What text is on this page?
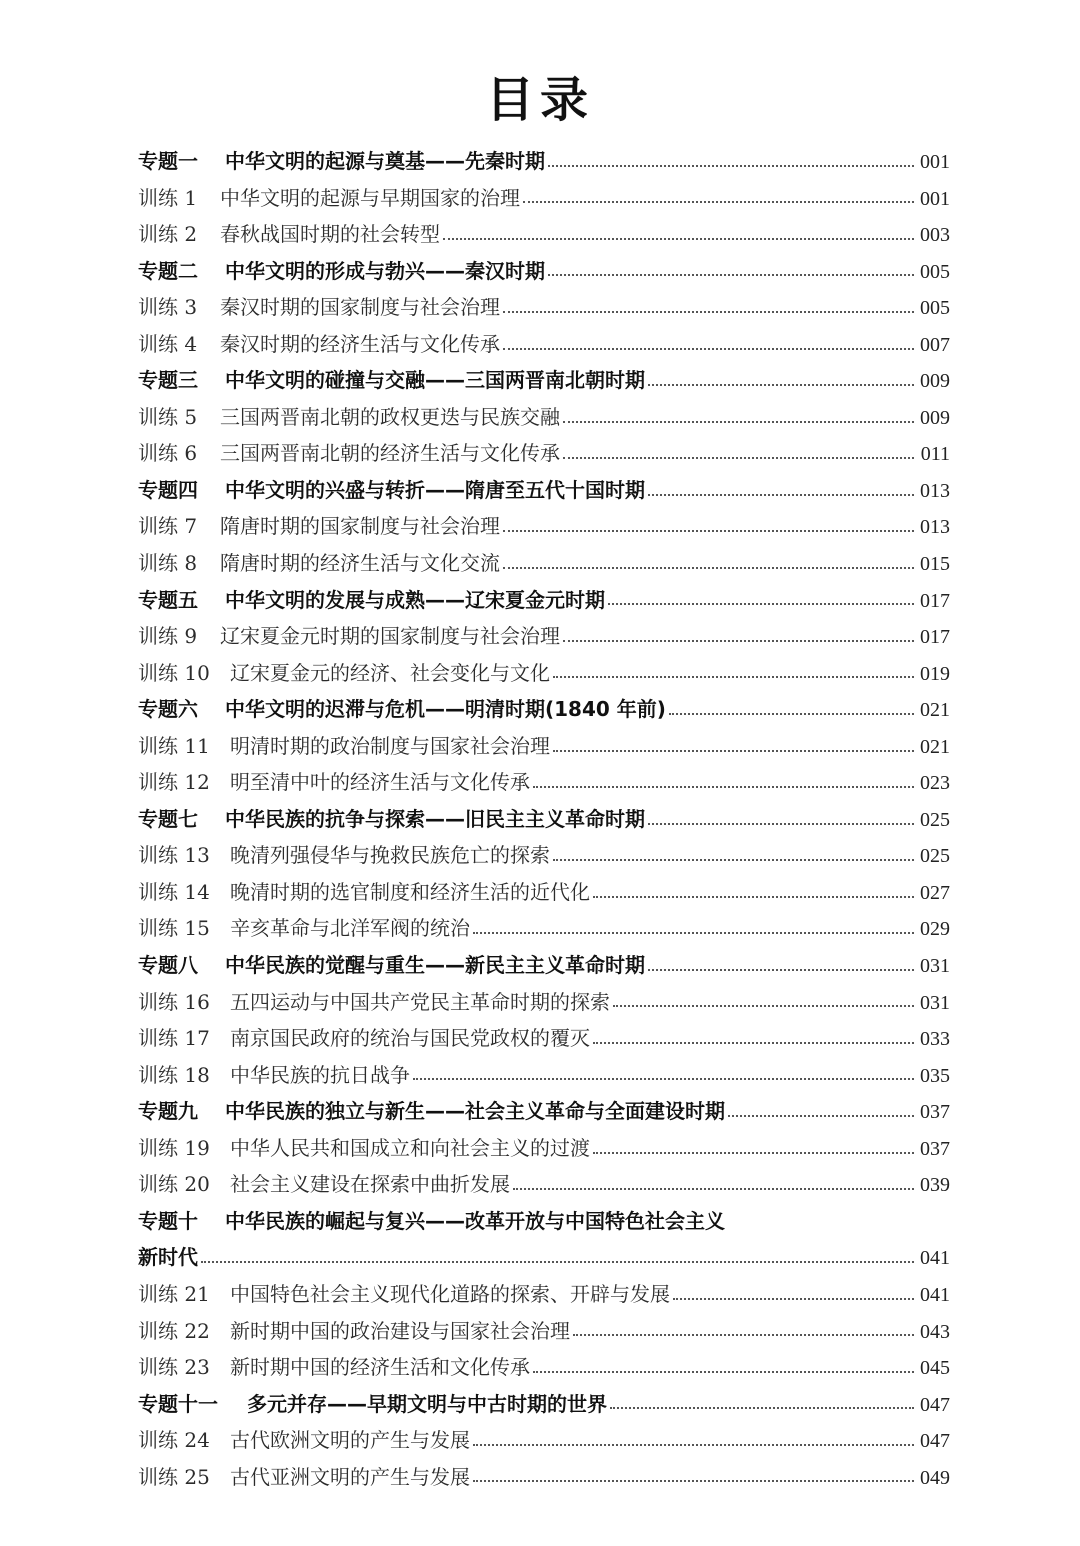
目录
专题一	中华文明的起源与奠基——先秦时期	001
训练 1	中华文明的起源与早期国家的治理	001
训练 2	春秋战国时期的社会转型	003
专题二	中华文明的形成与勃兴——秦汉时期	005
训练 3	秦汉时期的国家制度与社会治理	005
训练 4	秦汉时期的经济生活与文化传承	007
专题三	中华文明的碰撞与交融——三国两晋南北朝时期	009
训练 5	三国两晋南北朝的政权更迭与民族交融	009
训练 6	三国两晋南北朝的经济生活与文化传承	011
专题四	中华文明的兴盛与转折——隋唐至五代十国时期	013
训练 7	隋唐时期的国家制度与社会治理	013
训练 8	隋唐时期的经济生活与文化交流	015
专题五	中华文明的发展与成熟——辽宋夏金元时期	017
训练 9	辽宋夏金元时期的国家制度与社会治理	017
训练 10	辽宋夏金元的经济、社会变化与文化	019
专题六	中华文明的迟滞与危机——明清时期(1840 年前)	021
训练 11	明清时期的政治制度与国家社会治理	021
训练 12	明至清中叶的经济生活与文化传承	023
专题七	中华民族的抗争与探索——旧民主主义革命时期	025
训练 13	晚清列强侵华与挽救民族危亡的探索	025
训练 14	晚清时期的选官制度和经济生活的近代化	027
训练 15	辛亥革命与北洋军阀的统治	029
专题八	中华民族的觉醒与重生——新民主主义革命时期	031
训练 16	五四运动与中国共产党民主革命时期的探索	031
训练 17	南京国民政府的统治与国民党政权的覆灭	033
训练 18	中华民族的抗日战争	035
专题九	中华民族的独立与新生——社会主义革命与全面建设时期	037
训练 19	中华人民共和国成立和向社会主义的过渡	037
训练 20	社会主义建设在探索中曲折发展	039
专题十	中华民族的崛起与复兴——改革开放与中国特色社会主义
新时代	041
训练 21	中国特色社会主义现代化道路的探索、开辟与发展	041
训练 22	新时期中国的政治建设与国家社会治理	043
训练 23	新时期中国的经济生活和文化传承	045
专题十一	多元并存——早期文明与中古时期的世界	047
训练 24	古代欧洲文明的产生与发展	047
训练 25	古代亚洲文明的产生与发展	049
